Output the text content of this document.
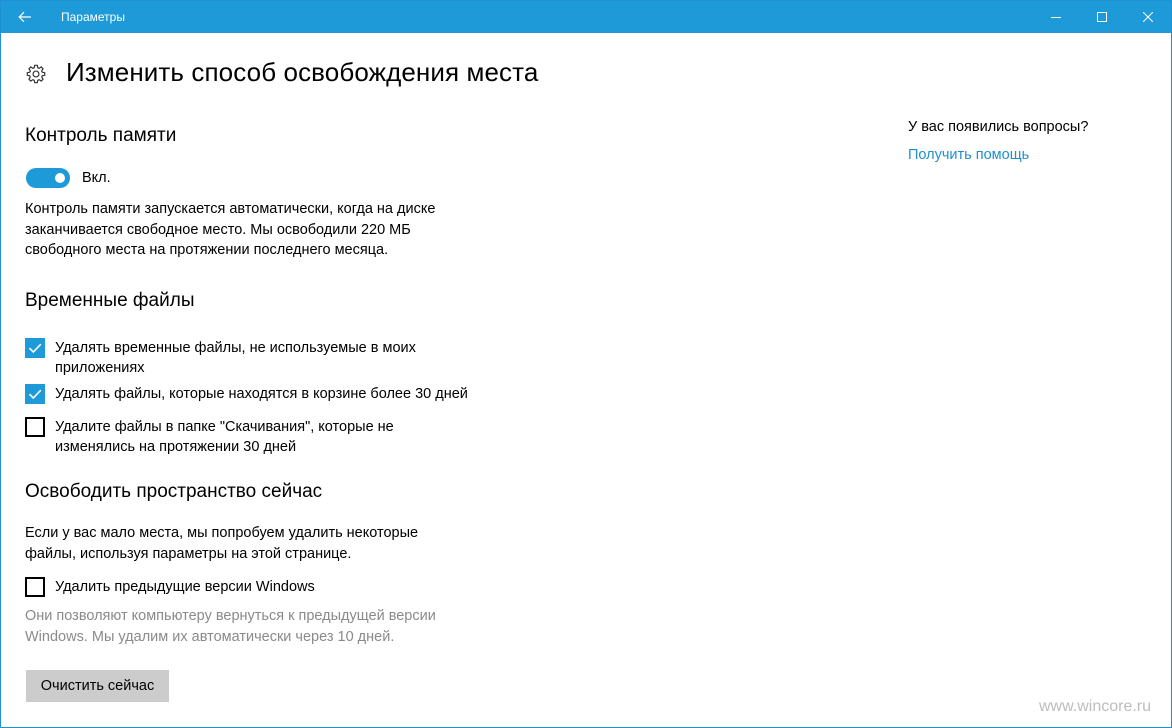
Параметры
Изменить способ освобождения места
Контроль памяти
Вкл.
Контроль памяти запускается автоматически, когда на диске
заканчивается свободное место. Мы освободили 220 МБ
свободного места на протяжении последнего месяца.
Временные файлы
Удалять временные файлы, не используемые в моих
приложениях
Удалять файлы, которые находятся в корзине более 30 дней
Удалите файлы в папке "Скачивания", которые не
изменялись на протяжении 30 дней
Освободить пространство сейчас
Если у вас мало места, мы попробуем удалить некоторые
файлы, используя параметры на этой странице.
Удалить предыдущие версии Windows
Они позволяют компьютеру вернуться к предыдущей версии
Windows. Мы удалим их автоматически через 10 дней.
Очистить сейчас
У вас появились вопросы?
Получить помощь
www.wincore.ru
